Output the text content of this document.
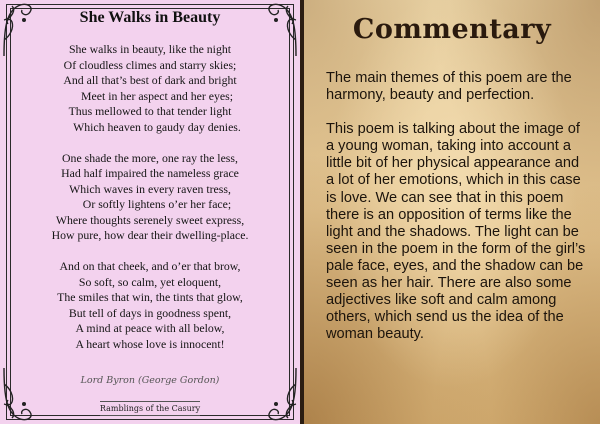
She Walks in Beauty
She walks in beauty, like the night
Of cloudless climes and starry skies;
And all that’s best of dark and bright
Meet in her aspect and her eyes;
Thus mellowed to that tender light
Which heaven to gaudy day denies.
One shade the more, one ray the less,
Had half impaired the nameless grace
Which waves in every raven tress,
Or softly lightens o’er her face;
Where thoughts serenely sweet express,
How pure, how dear their dwelling-place.
And on that cheek, and o’er that brow,
So soft, so calm, yet eloquent,
The smiles that win, the tints that glow,
But tell of days in goodness spent,
A mind at peace with all below,
A heart whose love is innocent!
Lord Byron (George Gordon)
Ramblings of the Casury
Commentary

The main themes of this poem are the harmony, beauty and perfection.

This poem is talking about the image of a young woman, taking into account a little bit of her physical appearance and a lot of her emotions, which in this case is love. We can see that in this poem there is an opposition of terms like the light and the shadows. The light can be seen in the poem in the form of the girl’s pale face, eyes, and the shadow can be seen as her hair. There are also some adjectives like soft and calm among others, which send us the idea of the woman beauty.
